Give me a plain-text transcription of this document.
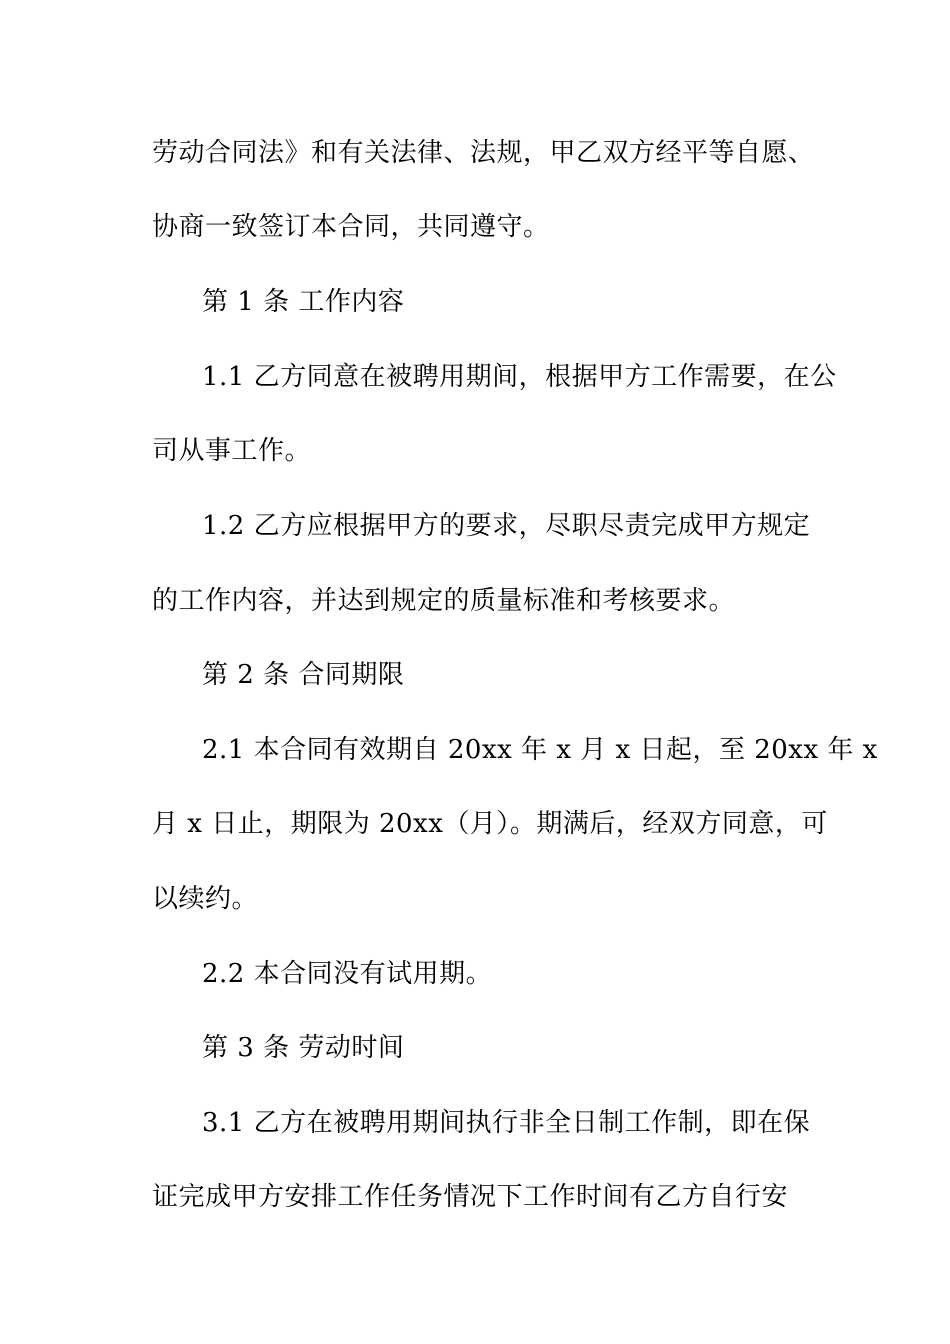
劳动合同法》和有关法律、法规，甲乙双方经平等自愿、
协商一致签订本合同，共同遵守。
第 1 条 工作内容
1.1 乙方同意在被聘用期间，根据甲方工作需要，在公
司从事工作。
1.2 乙方应根据甲方的要求，尽职尽责完成甲方规定
的工作内容，并达到规定的质量标准和考核要求。
第 2 条 合同期限
2.1 本合同有效期自 20xx 年 x 月 x 日起，至 20xx 年 x
月 x 日止，期限为 20xx（月）。期满后，经双方同意，可
以续约。
2.2 本合同没有试用期。
第 3 条 劳动时间
3.1 乙方在被聘用期间执行非全日制工作制，即在保
证完成甲方安排工作任务情况下工作时间有乙方自行安
